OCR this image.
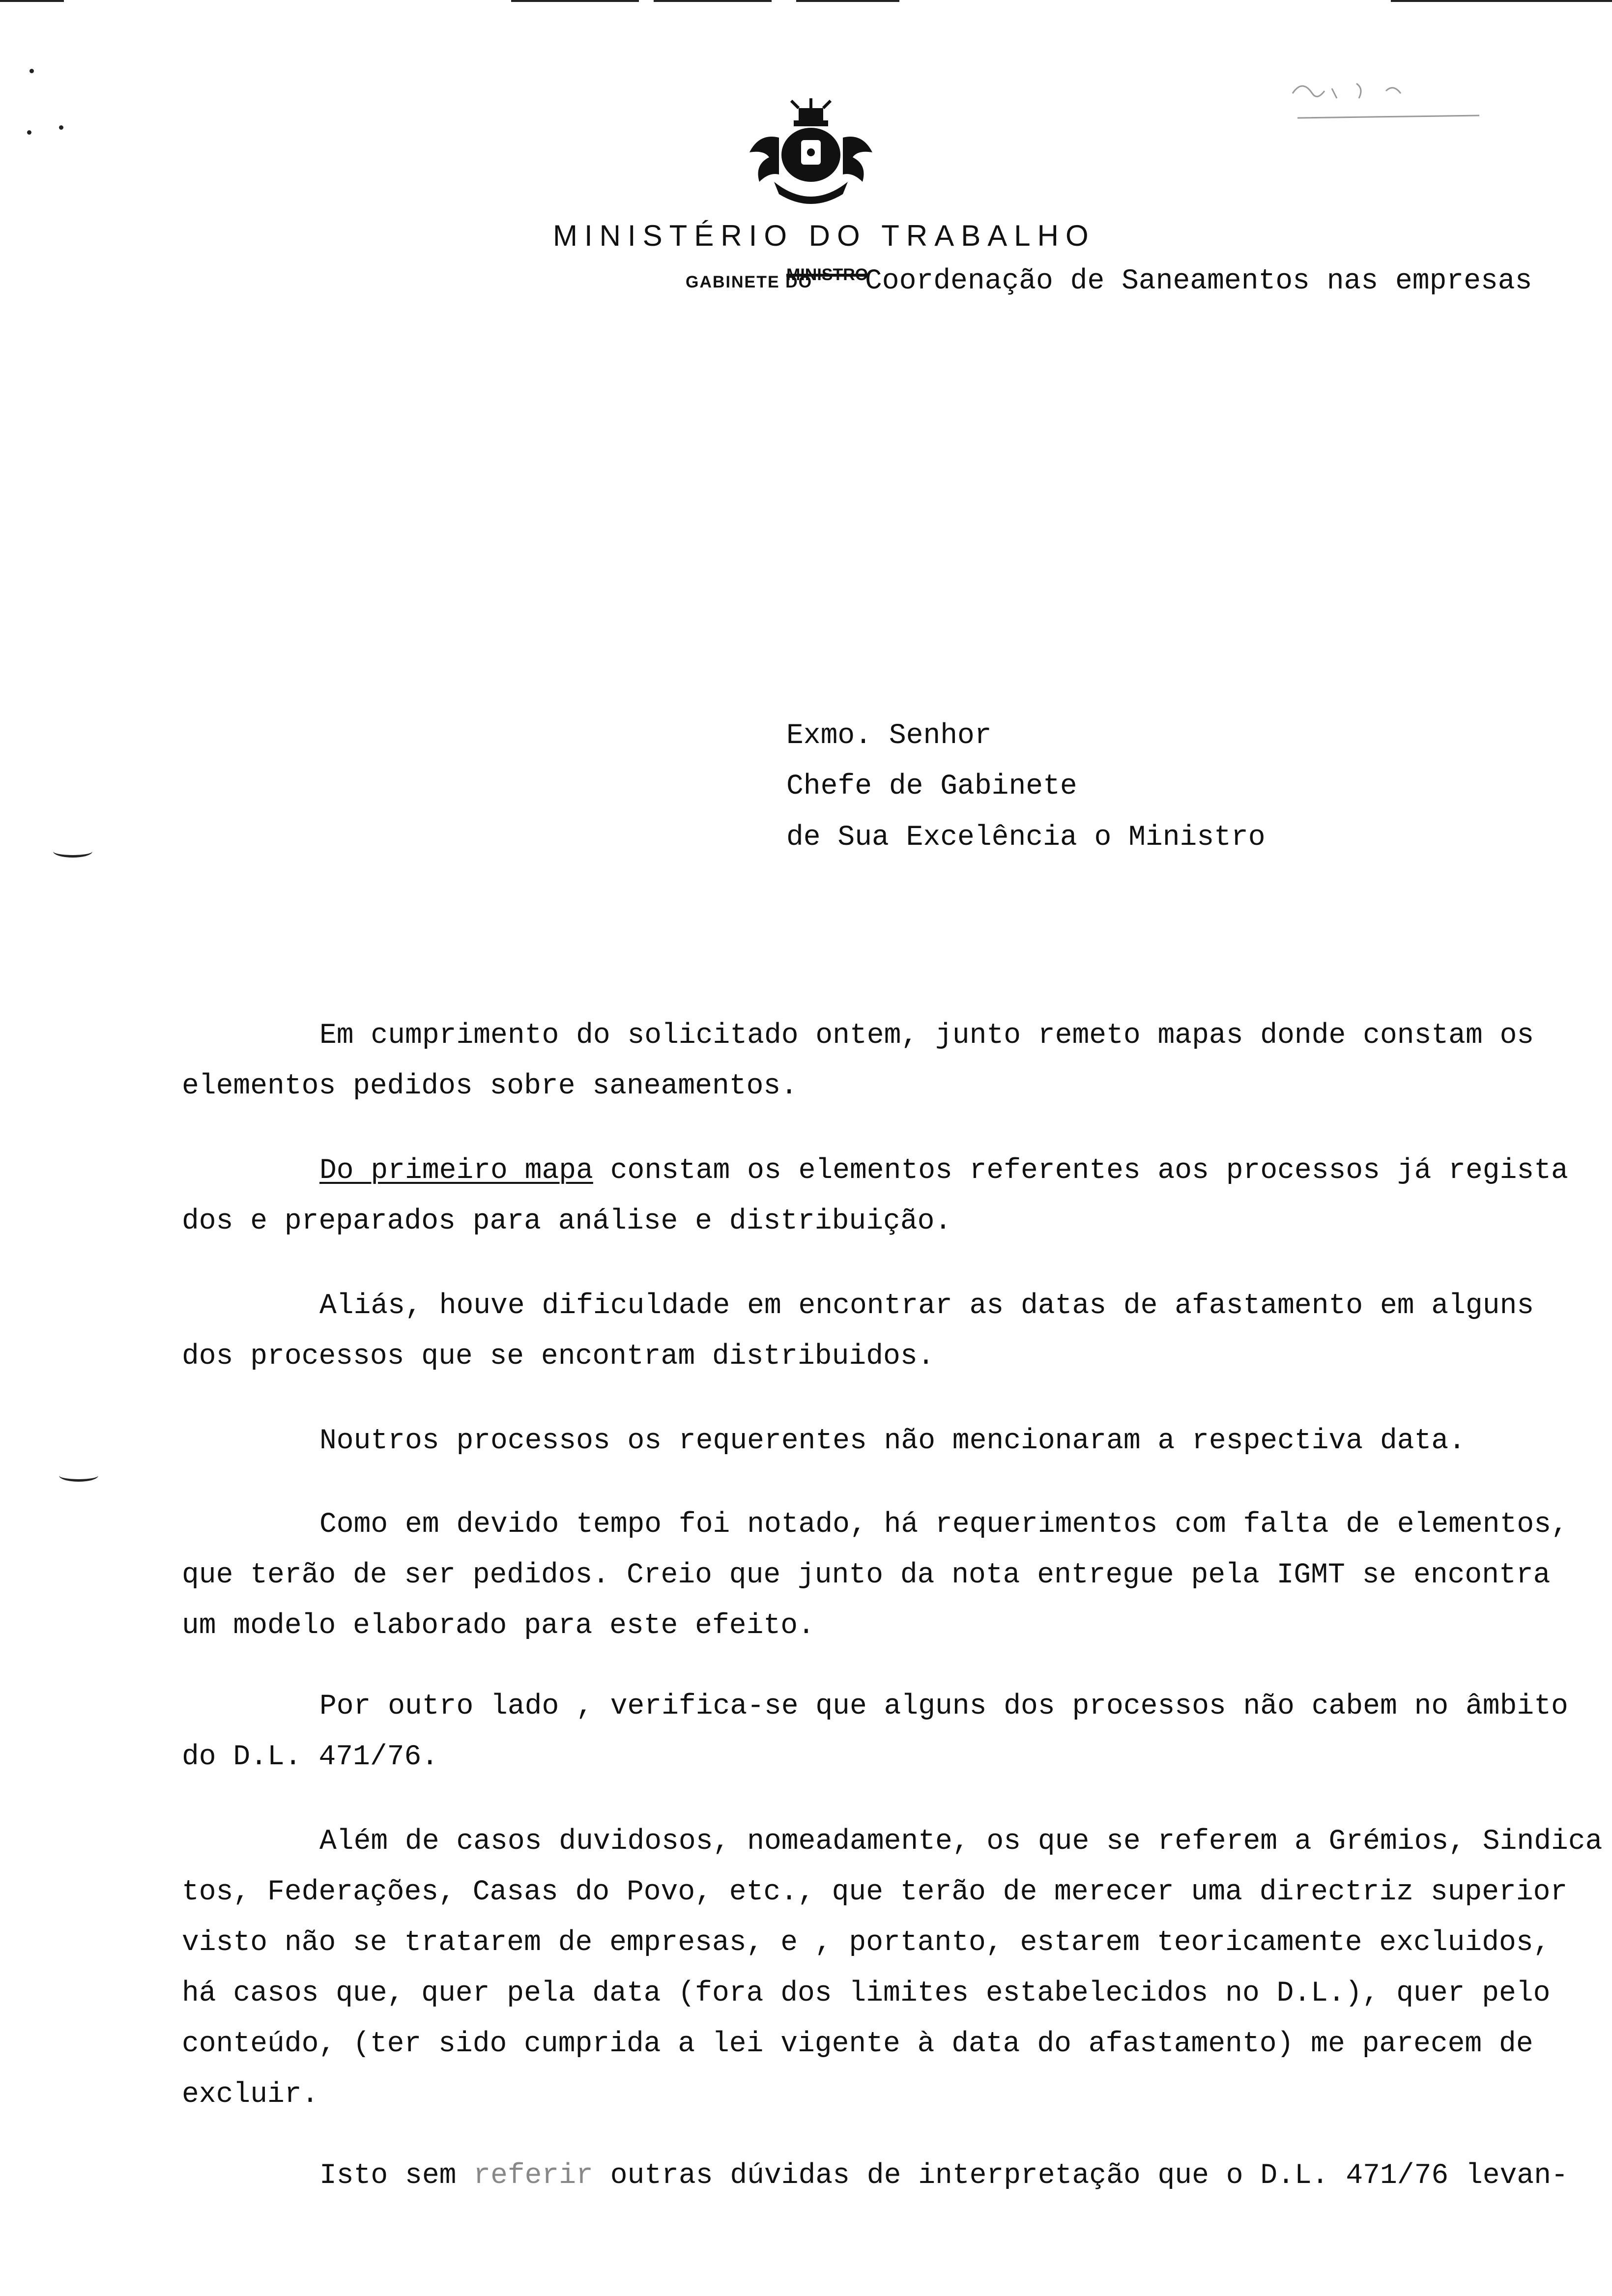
MINISTÉRIO DO TRABALHO
GABINETE DO
MINISTRO
Coordenação de Saneamentos nas empresas
Exmo. Senhor
Chefe de Gabinete
de Sua Excelência o Ministro
Em cumprimento do solicitado ontem, junto remeto mapas donde constam os
elementos pedidos sobre saneamentos.
Do primeiro mapa constam os elementos referentes aos processos já regista
dos e preparados para análise e distribuição.
Aliás, houve dificuldade em encontrar as datas de afastamento em alguns
dos processos que se encontram distribuidos.
Noutros processos os requerentes não mencionaram a respectiva data.
Como em devido tempo foi notado, há requerimentos com falta de elementos,
que terão de ser pedidos. Creio que junto da nota entregue pela IGMT se encontra
um modelo elaborado para este efeito.
Por outro lado , verifica-se que alguns dos processos não cabem no âmbito
do D.L. 471/76.
Além de casos duvidosos, nomeadamente, os que se referem a Grémios, Sindica
tos, Federações, Casas do Povo, etc., que terão de merecer uma directriz superior
visto não se tratarem de empresas, e , portanto, estarem teoricamente excluidos,
há casos que, quer pela data (fora dos limites estabelecidos no D.L.), quer pelo
conteúdo, (ter sido cumprida a lei vigente à data do afastamento) me parecem de
excluir.
Isto sem referir outras dúvidas de interpretação que o D.L. 471/76 levan-
